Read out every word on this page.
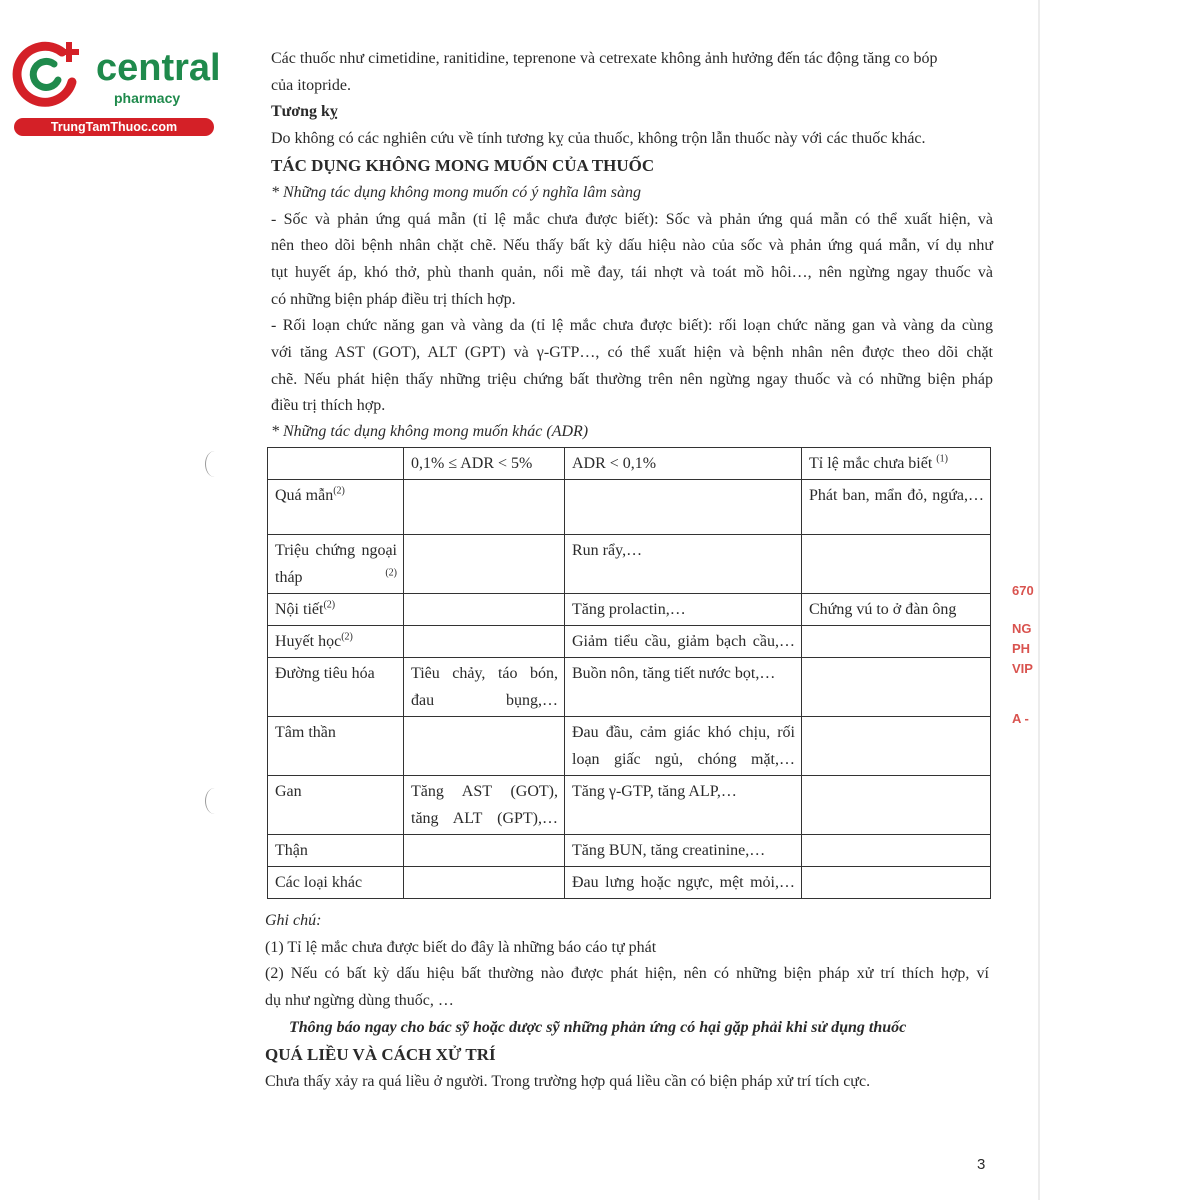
central
pharmacy
TrungTamThuoc.com
Các thuốc như cimetidine, ranitidine, teprenone và cetrexate không ảnh hưởng đến tác động tăng co bóp
của itopride.
Tương kỵ
Do không có các nghiên cứu về tính tương kỵ của thuốc, không trộn lẫn thuốc này với các thuốc khác.
TÁC DỤNG KHÔNG MONG MUỐN CỦA THUỐC
* Những tác dụng không mong muốn có ý nghĩa lâm sàng
- Sốc và phản ứng quá mẫn (tỉ lệ mắc chưa được biết): Sốc và phản ứng quá mẫn có thể xuất hiện, và
nên theo dõi bệnh nhân chặt chẽ. Nếu thấy bất kỳ dấu hiệu nào của sốc và phản ứng quá mẫn, ví dụ như
tụt huyết áp, khó thở, phù thanh quản, nổi mề đay, tái nhợt và toát mồ hôi…, nên ngừng ngay thuốc và
có những biện pháp điều trị thích hợp.
- Rối loạn chức năng gan và vàng da (tỉ lệ mắc chưa được biết): rối loạn chức năng gan và vàng da cùng
với tăng AST (GOT), ALT (GPT) và γ-GTP…, có thể xuất hiện và bệnh nhân nên được theo dõi chặt
chẽ. Nếu phát hiện thấy những triệu chứng bất thường trên nên ngừng ngay thuốc và có những biện pháp
điều trị thích hợp.
* Những tác dụng không mong muốn khác (ADR)
	0,1% ≤ ADR < 5%	ADR < 0,1%	Tỉ lệ mắc chưa biết $^{(1)}$
Quá mẫn$^{(2)}$			Phát ban, mẩn đỏ, ngứa,…
Triệu chứng ngoại tháp $^{(2)}$		Run rẩy,…	
Nội tiết$^{(2)}$		Tăng prolactin,…	Chứng vú to ở đàn ông
Huyết học$^{(2)}$		Giảm tiểu cầu, giảm bạch cầu,…	
Đường tiêu hóa	Tiêu chảy, táo bón, đau bụng,…	Buồn nôn, tăng tiết nước bọt,…	
Tâm thần		Đau đầu, cảm giác khó chịu, rối loạn giấc ngủ, chóng mặt,…	
Gan	Tăng AST (GOT), tăng ALT (GPT),…	Tăng γ-GTP, tăng ALP,…	
Thận		Tăng BUN, tăng creatinine,…	
Các loại khác		Đau lưng hoặc ngực, mệt mỏi,…	
Ghi chú:
(1) Tỉ lệ mắc chưa được biết do đây là những báo cáo tự phát
(2) Nếu có bất kỳ dấu hiệu bất thường nào được phát hiện, nên có những biện pháp xử trí thích hợp, ví
dụ như ngừng dùng thuốc, …
Thông báo ngay cho bác sỹ hoặc dược sỹ những phản ứng có hại gặp phải khi sử dụng thuốc
QUÁ LIỀU VÀ CÁCH XỬ TRÍ
Chưa thấy xảy ra quá liều ở người. Trong trường hợp quá liều cần có biện pháp xử trí tích cực.
670
NG
PH
VIP
A -
3
